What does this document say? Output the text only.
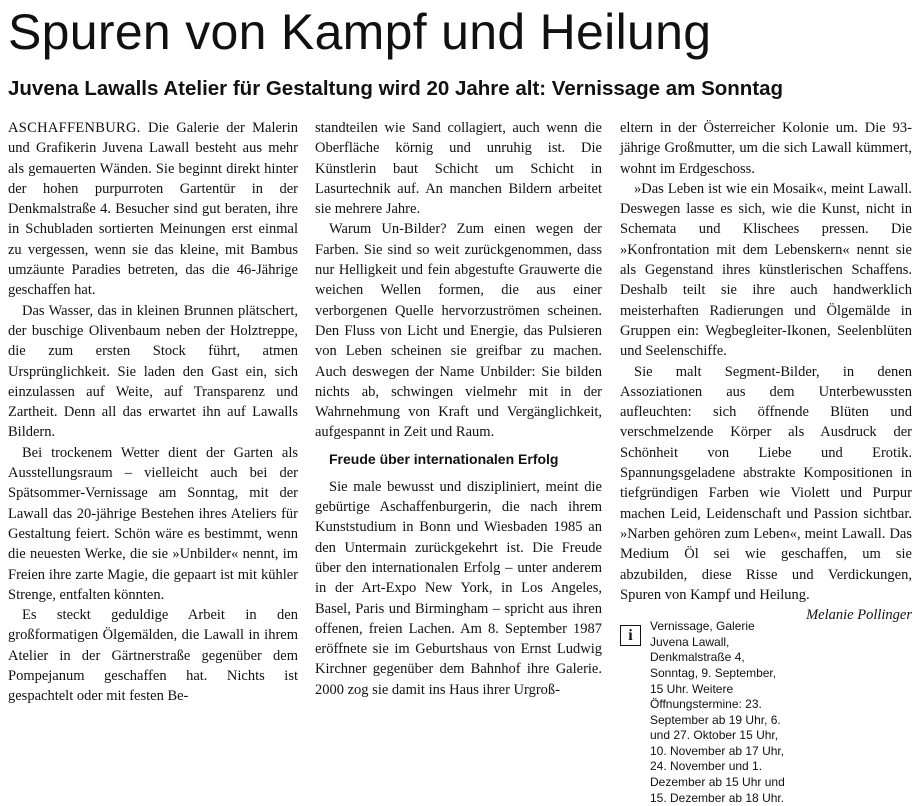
Spuren von Kampf und Heilung
Juvena Lawalls Atelier für Gestaltung wird 20 Jahre alt: Vernissage am Sonntag

ASCHAFFENBURG. Die Galerie der Malerin und Grafikerin Juvena Lawall besteht aus mehr als gemauerten Wänden. Sie beginnt direkt hinter der hohen purpurroten Gartentür in der Denkmalstraße 4. Besucher sind gut beraten, ihre in Schubladen sortierten Meinungen erst einmal zu vergessen, wenn sie das kleine, mit Bambus umzäunte Paradies betreten, das die 46-Jährige geschaffen hat.

Das Wasser, das in kleinen Brunnen plätschert, der buschige Olivenbaum neben der Holztreppe, die zum ersten Stock führt, atmen Ursprünglichkeit. Sie laden den Gast ein, sich einzulassen auf Weite, auf Transparenz und Zartheit. Denn all das erwartet ihn auf Lawalls Bildern.

Bei trockenem Wetter dient der Garten als Ausstellungsraum – vielleicht auch bei der Spätsommer-Vernissage am Sonntag, mit der Lawall das 20-jährige Bestehen ihres Ateliers für Gestaltung feiert. Schön wäre es bestimmt, wenn die neuesten Werke, die sie »Unbilder« nennt, im Freien ihre zarte Magie, die gepaart ist mit kühler Strenge, entfalten könnten.

Es steckt geduldige Arbeit in den großformatigen Ölgemälden, die Lawall in ihrem Atelier in der Gärtnerstraße gegenüber dem Pompejanum geschaffen hat. Nichts ist gespachtelt oder mit festen Be-

standteilen wie Sand collagiert, auch wenn die Oberfläche körnig und unruhig ist. Die Künstlerin baut Schicht um Schicht in Lasurtechnik auf. An manchen Bildern arbeitet sie mehrere Jahre.

Warum Un-Bilder? Zum einen wegen der Farben. Sie sind so weit zurückgenommen, dass nur Helligkeit und fein abgestufte Grauwerte die weichen Wellen formen, die aus einer verborgenen Quelle hervorzuströmen scheinen. Den Fluss von Licht und Energie, das Pulsieren von Leben scheinen sie greifbar zu machen. Auch deswegen der Name Unbilder: Sie bilden nichts ab, schwingen vielmehr mit in der Wahrnehmung von Kraft und Vergänglichkeit, aufgespannt in Zeit und Raum.

Freude über internationalen Erfolg

Sie male bewusst und diszipliniert, meint die gebürtige Aschaffenburgerin, die nach ihrem Kunststudium in Bonn und Wiesbaden 1985 an den Untermain zurückgekehrt ist. Die Freude über den internationalen Erfolg – unter anderem in der Art-Expo New York, in Los Angeles, Basel, Paris und Birmingham – spricht aus ihren offenen, freien Lachen. Am 8. September 1987 eröffnete sie im Geburtshaus von Ernst Ludwig Kirchner gegenüber dem Bahnhof ihre Galerie. 2000 zog sie damit ins Haus ihrer Urgroß-

eltern in der Österreicher Kolonie um. Die 93-jährige Großmutter, um die sich Lawall kümmert, wohnt im Erdgeschoss.

»Das Leben ist wie ein Mosaik«, meint Lawall. Deswegen lasse es sich, wie die Kunst, nicht in Schemata und Klischees pressen. Die »Konfrontation mit dem Lebenskern« nennt sie als Gegenstand ihres künstlerischen Schaffens. Deshalb teilt sie ihre auch handwerklich meisterhaften Radierungen und Ölgemälde in Gruppen ein: Wegbegleiter-Ikonen, Seelenblüten und Seelenschiffe.

Sie malt Segment-Bilder, in denen Assoziationen aus dem Unterbewussten aufleuchten: sich öffnende Blüten und verschmelzende Körper als Ausdruck der Schönheit von Liebe und Erotik. Spannungsgeladene abstrakte Kompositionen in tiefgründigen Farben wie Violett und Purpur machen Leid, Leidenschaft und Passion sichtbar. »Narben gehören zum Leben«, meint Lawall. Das Medium Öl sei wie geschaffen, um sie abzubilden, diese Risse und Verdickungen, Spuren von Kampf und Heilung.
Melanie Pollinger

i
Vernissage, Galerie Juvena Lawall, Denkmalstraße 4, Sonntag, 9. September, 15 Uhr. Weitere Öffnungstermine: 23. September ab 19 Uhr, 6. und 27. Oktober 15 Uhr, 10. November ab 17 Uhr, 24. November und 1. Dezember ab 15 Uhr und 15. Dezember ab 18 Uhr.
